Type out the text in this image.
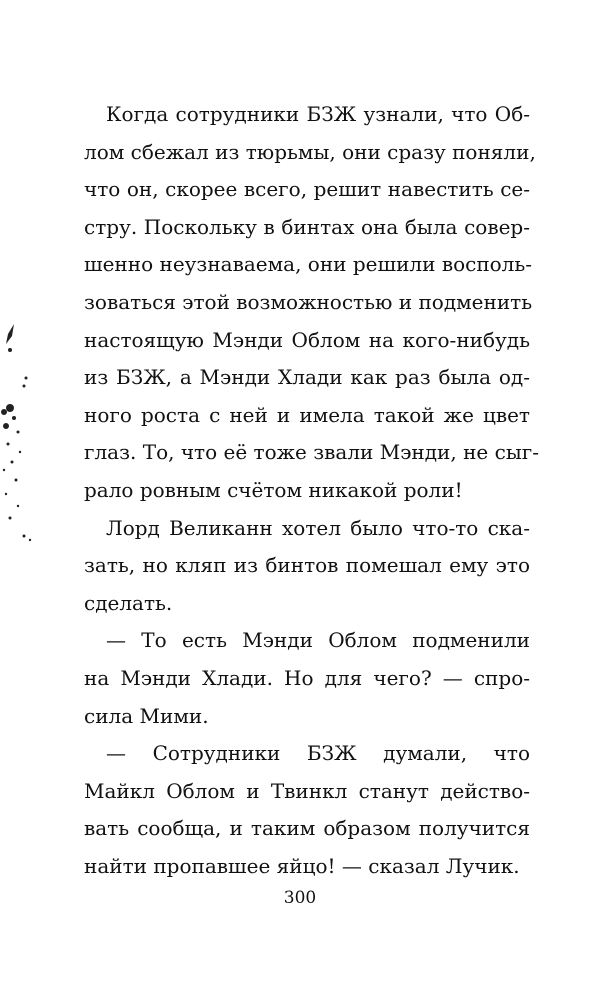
Когда сотрудники БЗЖ узнали, что Об-
лом сбежал из тюрьмы, они сразу поняли,
что он, скорее всего, решит навестить се-
стру. Поскольку в бинтах она была совер-
шенно неузнаваема, они решили восполь-
зоваться этой возможностью и подменить
настоящую Мэнди Облом на кого-нибудь
из БЗЖ, а Мэнди Хлади как раз была од-
ного роста с ней и имела такой же цвет
глаз. То, что её тоже звали Мэнди, не сыг-
рало ровным счётом никакой роли!
Лорд Великанн хотел было что-то ска-
зать, но кляп из бинтов помешал ему это
сделать.
— То есть Мэнди Облом подменили
на Мэнди Хлади. Но для чего? — спро-
сила Мими.
— Сотрудники БЗЖ думали, что
Майкл Облом и Твинкл станут действо-
вать сообща, и таким образом получится
найти пропавшее яйцо! — сказал Лучик.
300
